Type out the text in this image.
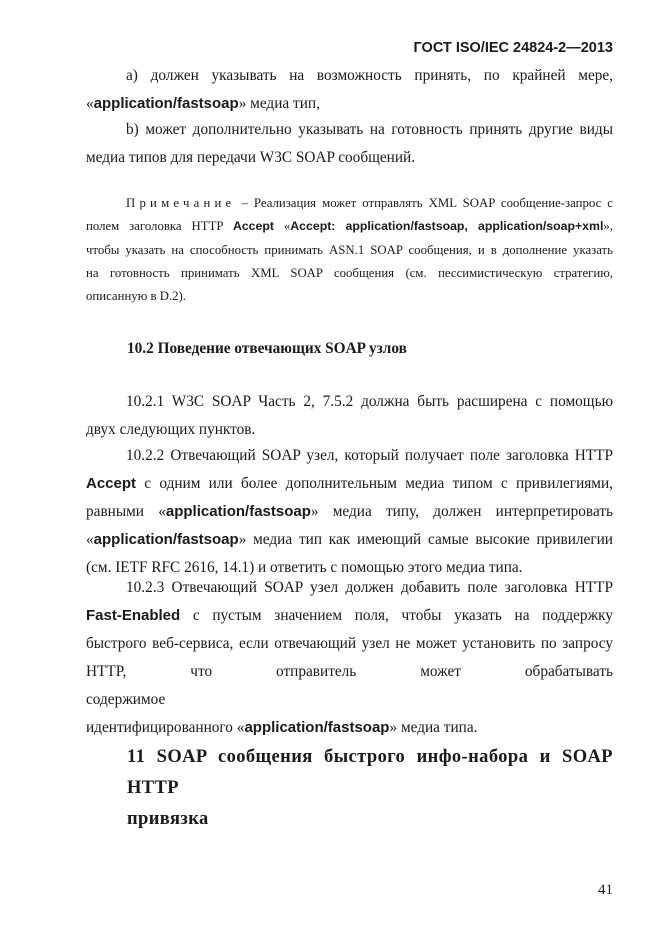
ГОСТ ISO/IEC 24824-2—2013
a) должен указывать на возможность принять, по крайней мере,
«application/fastsoap» медиа тип,
b) может дополнительно указывать на готовность принять другие виды
медиа типов для передачи W3C SOAP сообщений.
Примечание – Реализация может отправлять XML SOAP сообщение-запрос с
полем заголовка HTTP Accept «Accept: application/fastsoap, application/soap+xml»,
чтобы указать на способность принимать ASN.1 SOAP сообщения, и в дополнение указать
на готовность принимать XML SOAP сообщения (см. пессимистическую стратегию,
описанную в D.2).
10.2 Поведение отвечающих SOAP узлов
10.2.1 W3C SOAP Часть 2, 7.5.2 должна быть расширена с помощью
двух следующих пунктов.
10.2.2 Отвечающий SOAP узел, который получает поле заголовка HTTP
Accept с одним или более дополнительным медиа типом с привилегиями,
равными «application/fastsoap» медиа типу, должен интерпретировать
«application/fastsoap» медиа тип как имеющий самые высокие привилегии
(см. IETF RFC 2616, 14.1) и ответить с помощью этого медиа типа.
10.2.3 Отвечающий SOAP узел должен добавить поле заголовка HTTP
Fast-Enabled с пустым значением поля, чтобы указать на поддержку
быстрого веб-сервиса, если отвечающий узел не может установить по запросу
HTTP, что отправитель может обрабатывать содержимое
идентифицированного «application/fastsoap» медиа типа.
11 SOAP сообщения быстрого инфо-набора и SOAP HTTP
привязка
41
